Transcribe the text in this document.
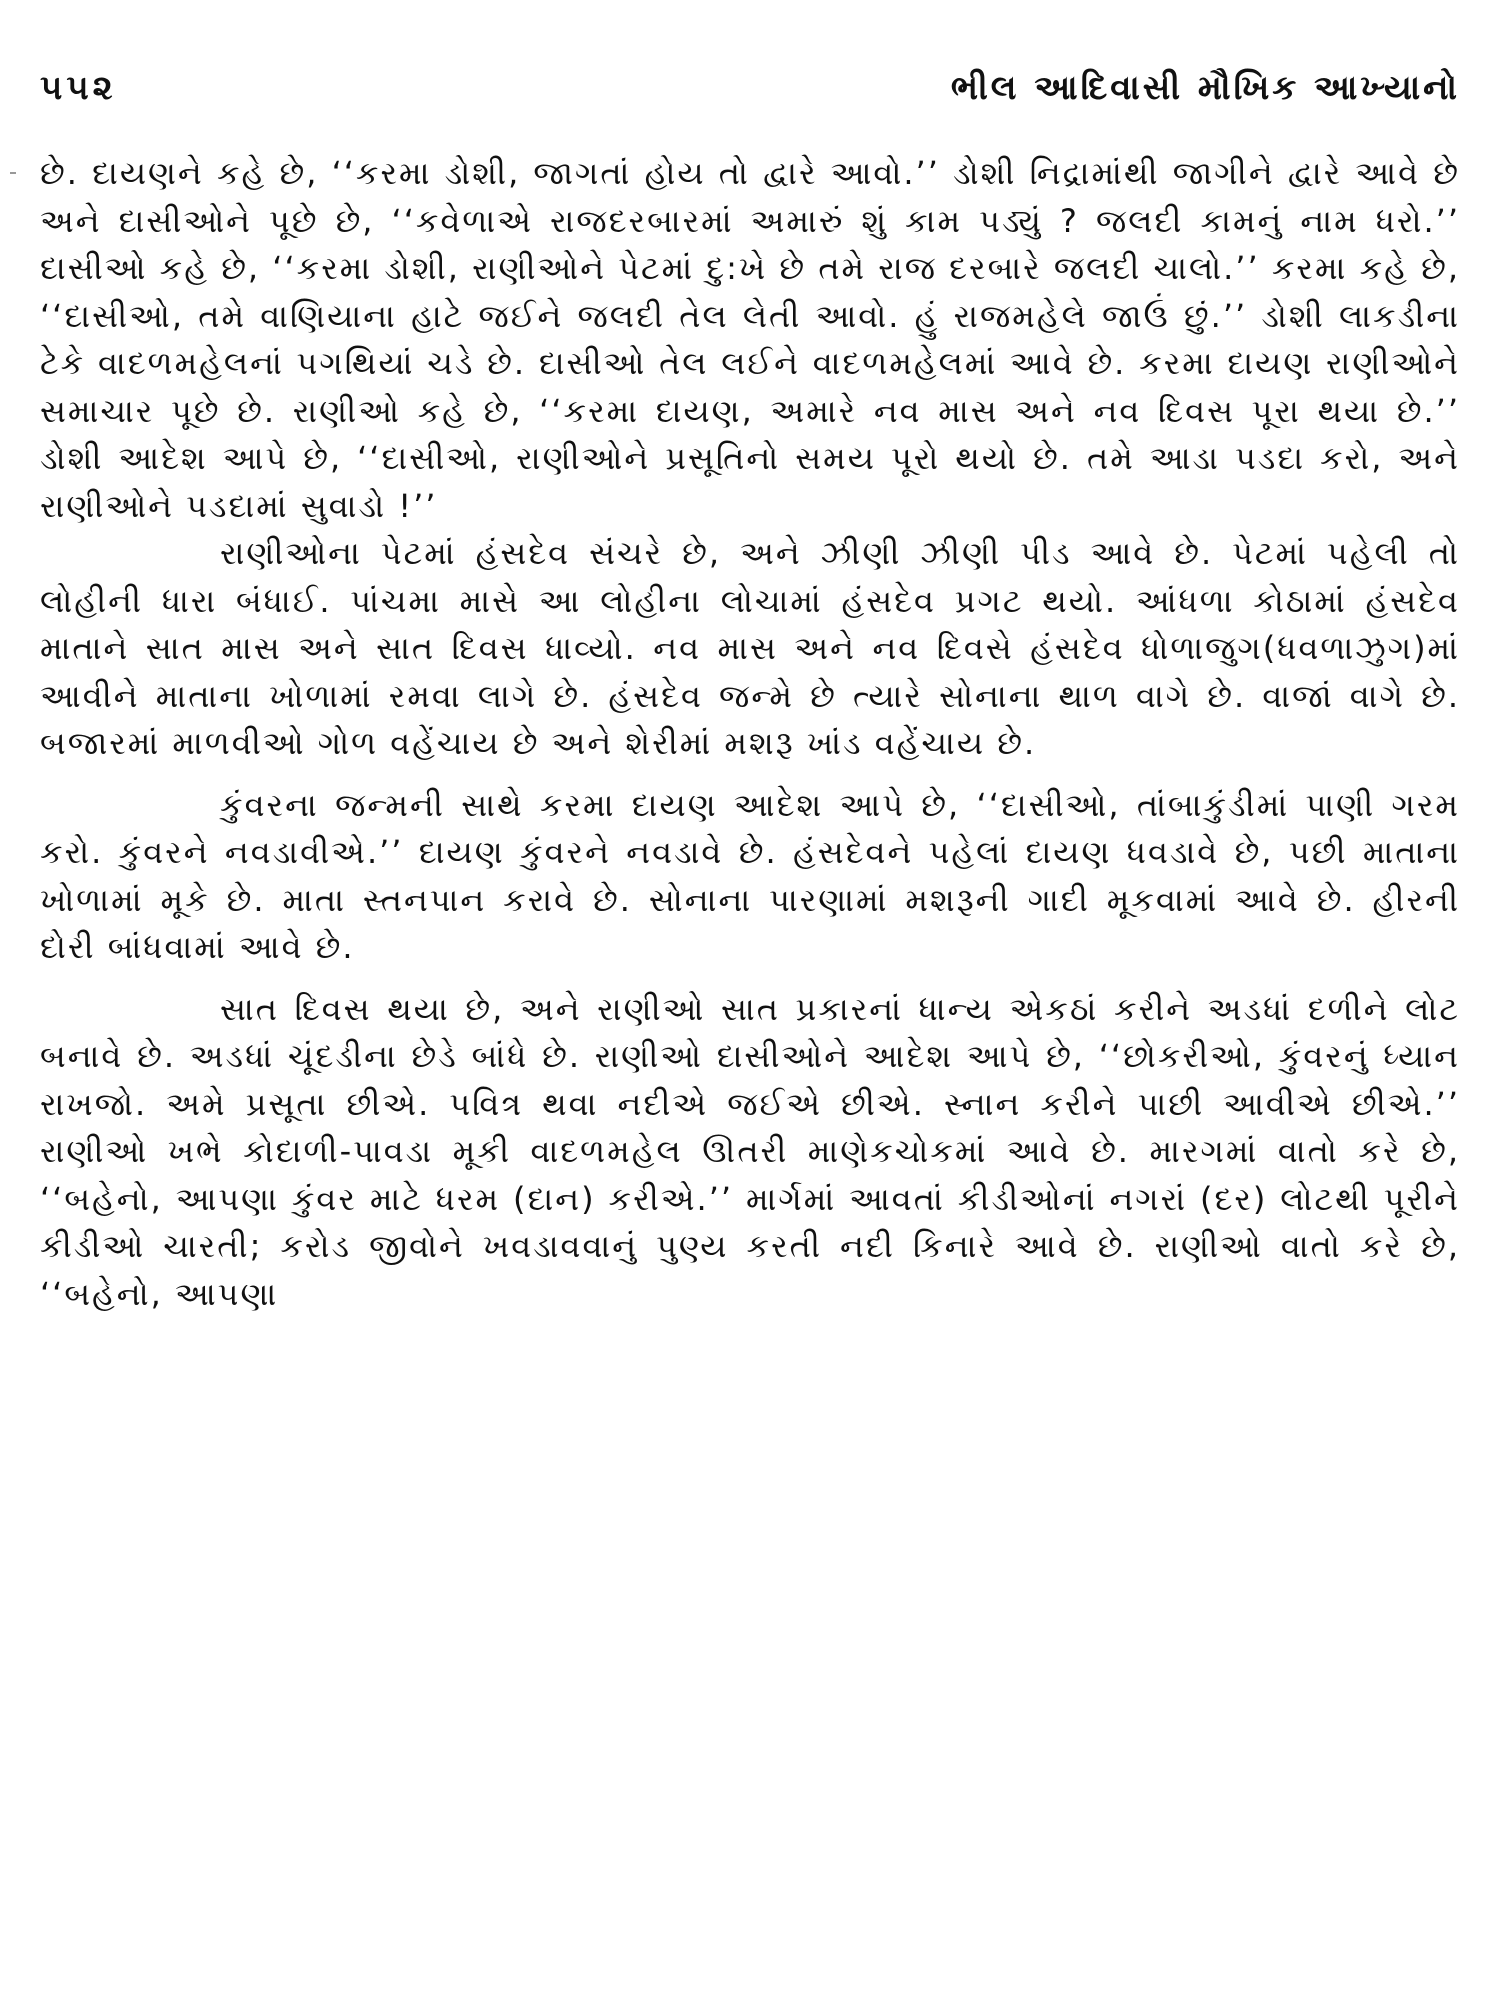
૫૫૨	ભીલ આદિવાસી મૌખિક આખ્યાનો

છે. દાયણને કહે છે, ‘‘કરમા ડોશી, જાગતાં હોય તો દ્વારે આવો.’’ ડોશી નિદ્રામાંથી જાગીને દ્વારે આવે છે અને દાસીઓને પૂછે છે, ‘‘કવેળાએ રાજદરબારમાં અમારું શું કામ પડ્યું ? જલદી કામનું નામ ધરો.’’ દાસીઓ કહે છે, ‘‘કરમા ડોશી, રાણીઓને પેટમાં દુ:ખે છે તમે રાજ દરબારે જલદી ચાલો.’’ કરમા કહે છે, ‘‘દાસીઓ, તમે વાણિયાના હાટે જઈને જલદી તેલ લેતી આવો. હું રાજમહેલે જાઉં છું.’’ ડોશી લાકડીના ટેકે વાદળમહેલનાં પગથિયાં ચડે છે. દાસીઓ તેલ લઈને વાદળમહેલમાં આવે છે. કરમા દાયણ રાણીઓને સમાચાર પૂછે છે. રાણીઓ કહે છે, ‘‘કરમા દાયણ, અમારે નવ માસ અને નવ દિવસ પૂરા થયા છે.’’ ડોશી આદેશ આપે છે, ‘‘દાસીઓ, રાણીઓને પ્રસૂતિનો સમય પૂરો થયો છે. તમે આડા પડદા કરો, અને રાણીઓને પડદામાં સુવાડો !’’

રાણીઓના પેટમાં હંસદેવ સંચરે છે, અને ઝીણી ઝીણી પીડ આવે છે. પેટમાં પહેલી તો લોહીની ધારા બંધાઈ. પાંચમા માસે આ લોહીના લોચામાં હંસદેવ પ્રગટ થયો. આંધળા કોઠામાં હંસદેવ માતાને સાત માસ અને સાત દિવસ ધાવ્યો. નવ માસ અને નવ દિવસે હંસદેવ ધોળાજુગ(ધવળાઝુગ)માં આવીને માતાના ખોળામાં રમવા લાગે છે. હંસદેવ જન્મે છે ત્યારે સોનાના થાળ વાગે છે. વાજાં વાગે છે. બજારમાં માળવીઓ ગોળ વહેંચાય છે અને શેરીમાં મશરૂ ખાંડ વહેંચાય છે.

કુંવરના જન્મની સાથે કરમા દાયણ આદેશ આપે છે, ‘‘દાસીઓ, તાંબાકુંડીમાં પાણી ગરમ કરો. કુંવરને નવડાવીએ.’’ દાયણ કુંવરને નવડાવે છે. હંસદેવને પહેલાં દાયણ ધવડાવે છે, પછી માતાના ખોળામાં મૂકે છે. માતા સ્તનપાન કરાવે છે. સોનાના પારણામાં મશરૂની ગાદી મૂકવામાં આવે છે. હીરની દોરી બાંધવામાં આવે છે.

સાત દિવસ થયા છે, અને રાણીઓ સાત પ્રકારનાં ધાન્ય એકઠાં કરીને અડધાં દળીને લોટ બનાવે છે. અડધાં ચૂંદડીના છેડે બાંધે છે. રાણીઓ દાસીઓને આદેશ આપે છે, ‘‘છોકરીઓ, કુંવરનું ધ્યાન રાખજો. અમે પ્રસૂતા છીએ. પવિત્ર થવા નદીએ જઈએ છીએ. સ્નાન કરીને પાછી આવીએ છીએ.’’ રાણીઓ ખભે કોદાળી-પાવડા મૂકી વાદળમહેલ ઊતરી માણેકચોકમાં આવે છે. મારગમાં વાતો કરે છે, ‘‘બહેનો, આપણા કુંવર માટે ધરમ (દાન) કરીએ.’’ માર્ગમાં આવતાં કીડીઓનાં નગરાં (દર) લોટથી પૂરીને કીડીઓ ચારતી; કરોડ જીવોને ખવડાવવાનું પુણ્ય કરતી નદી કિનારે આવે છે. રાણીઓ વાતો કરે છે, ‘‘બહેનો, આપણા
